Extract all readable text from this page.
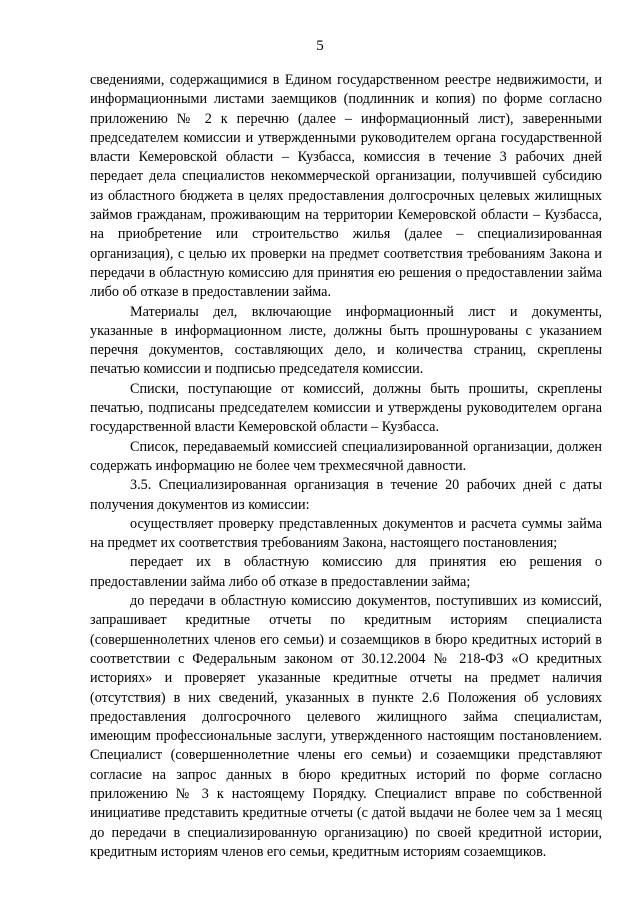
5

сведениями, содержащимися в Едином государственном реестре недвижимости, и информационными листами заемщиков (подлинник и копия) по форме согласно приложению № 2 к перечню (далее – информационный лист), заверенными председателем комиссии и утвержденными руководителем органа государственной власти Кемеровской области – Кузбасса, комиссия в течение 3 рабочих дней передает дела специалистов некоммерческой организации, получившей субсидию из областного бюджета в целях предоставления долгосрочных целевых жилищных займов гражданам, проживающим на территории Кемеровской области – Кузбасса, на приобретение или строительство жилья (далее – специализированная организация), с целью их проверки на предмет соответствия требованиям Закона и передачи в областную комиссию для принятия ею решения о предоставлении займа либо об отказе в предоставлении займа.

Материалы дел, включающие информационный лист и документы, указанные в информационном листе, должны быть прошнурованы с указанием перечня документов, составляющих дело, и количества страниц, скреплены печатью комиссии и подписью председателя комиссии.

Списки, поступающие от комиссий, должны быть прошиты, скреплены печатью, подписаны председателем комиссии и утверждены руководителем органа государственной власти Кемеровской области – Кузбасса.

Список, передаваемый комиссией специализированной организации, должен содержать информацию не более чем трехмесячной давности.

3.5. Специализированная организация в течение 20 рабочих дней с даты получения документов из комиссии:

осуществляет проверку представленных документов и расчета суммы займа на предмет их соответствия требованиям Закона, настоящего постановления;

передает их в областную комиссию для принятия ею решения о предоставлении займа либо об отказе в предоставлении займа;

до передачи в областную комиссию документов, поступивших из комиссий, запрашивает кредитные отчеты по кредитным историям специалиста (совершеннолетних членов его семьи) и созаемщиков в бюро кредитных историй в соответствии с Федеральным законом от 30.12.2004 № 218-ФЗ «О кредитных историях» и проверяет указанные кредитные отчеты на предмет наличия (отсутствия) в них сведений, указанных в пункте 2.6 Положения об условиях предоставления долгосрочного целевого жилищного займа специалистам, имеющим профессиональные заслуги, утвержденного настоящим постановлением. Специалист (совершеннолетние члены его семьи) и созаемщики представляют согласие на запрос данных в бюро кредитных историй по форме согласно приложению № 3 к настоящему Порядку. Специалист вправе по собственной инициативе представить кредитные отчеты (с датой выдачи не более чем за 1 месяц до передачи в специализированную организацию) по своей кредитной истории, кредитным историям членов его семьи, кредитным историям созаемщиков.
